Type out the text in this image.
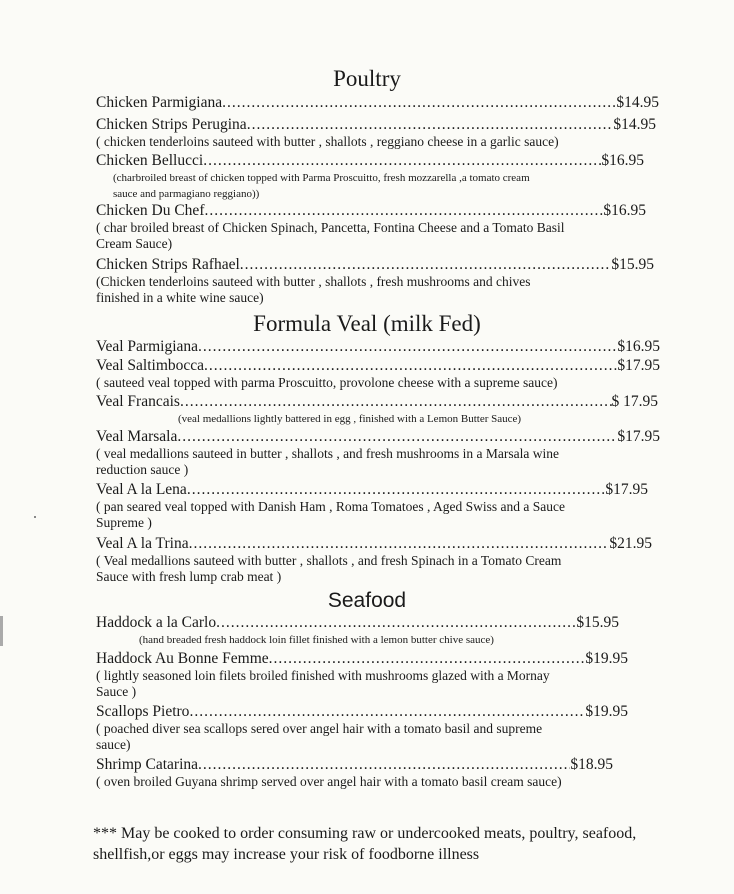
Poultry
Chicken Parmigiana .....	$14.95
Chicken Strips Perugina .....	$14.95
( chicken tenderloins sauteed with butter , shallots , reggiano cheese in a garlic sauce)
Chicken Bellucci .....	$16.95
(charbroiled breast of chicken topped with Parma Proscuitto, fresh mozzarella ,a tomato cream
sauce and parmagiano reggiano))
Chicken Du Chef .....	$16.95
( char broiled breast of Chicken Spinach, Pancetta, Fontina Cheese and a Tomato Basil
Cream Sauce)
Chicken Strips Rafhael .....	$15.95
(Chicken tenderloins sauteed with butter , shallots , fresh mushrooms and chives
finished in a white wine sauce)
Formula Veal (milk Fed)
Veal Parmigiana .....	$16.95
Veal Saltimbocca .....	$17.95
( sauteed veal topped with parma Proscuitto, provolone cheese with a supreme sauce)
Veal Francais .....	$ 17.95
(veal medallions lightly battered in egg , finished with a Lemon Butter Sauce)
Veal Marsala .....	$17.95
( veal medallions sauteed in butter , shallots , and fresh mushrooms in a Marsala wine
reduction sauce )
Veal A la Lena .....	$17.95
( pan seared veal topped with Danish Ham , Roma Tomatoes , Aged Swiss and a Sauce
Supreme )
Veal A la Trina .....	$21.95
( Veal medallions sauteed with butter , shallots , and fresh Spinach in a Tomato Cream
Sauce with fresh lump crab meat )
Seafood
Haddock a la Carlo .....	$15.95
(hand breaded fresh haddock loin fillet finished with a lemon butter chive sauce)
Haddock Au Bonne Femme .....	$19.95
( lightly seasoned loin filets broiled finished with mushrooms glazed with a Mornay
Sauce )
Scallops Pietro .....	$19.95
( poached diver sea scallops sered over angel hair with a tomato basil and supreme
sauce)
Shrimp Catarina .....	$18.95
( oven broiled Guyana shrimp served over angel hair with a tomato basil cream sauce)
*** May be cooked to order consuming raw or undercooked meats, poultry, seafood, shellfish,or eggs may increase your risk of foodborne illness
